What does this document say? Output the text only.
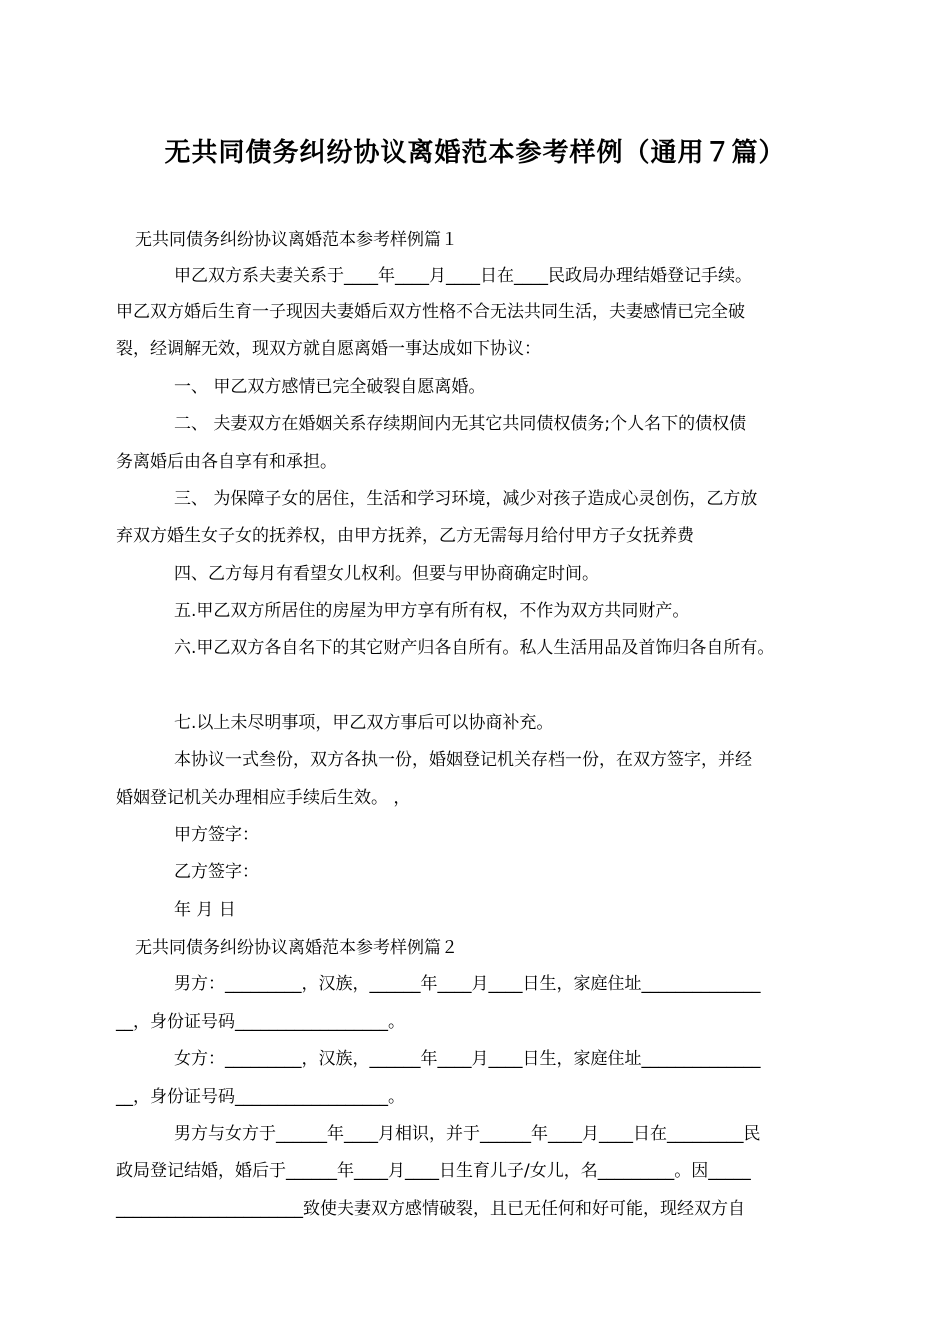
无共同债务纠纷协议离婚范本参考样例（通用７篇）
无共同债务纠纷协议离婚范本参考样例篇１
甲乙双方系夫妻关系于____年____月____日在____民政局办理结婚登记手续。
甲乙双方婚后生育一子现因夫妻婚后双方性格不合无法共同生活，夫妻感情已完全破
裂，经调解无效，现双方就自愿离婚一事达成如下协议：
一、 甲乙双方感情已完全破裂自愿离婚。
二、 夫妻双方在婚姻关系存续期间内无其它共同债权债务;个人名下的债权债
务离婚后由各自享有和承担。
三、 为保障子女的居住，生活和学习环境，减少对孩子造成心灵创伤，乙方放
弃双方婚生女子女的抚养权，由甲方抚养，乙方无需每月给付甲方子女抚养费
四、乙方每月有看望女儿权利。但要与甲协商确定时间。
五.甲乙双方所居住的房屋为甲方享有所有权，不作为双方共同财产。
六.甲乙双方各自名下的其它财产归各自所有。私人生活用品及首饰归各自所有。
七.以上未尽明事项，甲乙双方事后可以协商补充。
本协议一式叁份，双方各执一份，婚姻登记机关存档一份，在双方签字，并经
婚姻登记机关办理相应手续后生效。 ，
甲方签字：
乙方签字：
年 月 日
无共同债务纠纷协议离婚范本参考样例篇２
男方：_________，汉族，______年____月____日生，家庭住址______________
__，身份证号码__________________。
女方：_________，汉族，______年____月____日生，家庭住址______________
__，身份证号码__________________。
男方与女方于______年____月相识，并于______年____月____日在_________民
政局登记结婚，婚后于______年____月____日生育儿子/女儿，名_________。因_____
______________________致使夫妻双方感情破裂，且已无任何和好可能，现经双方自
